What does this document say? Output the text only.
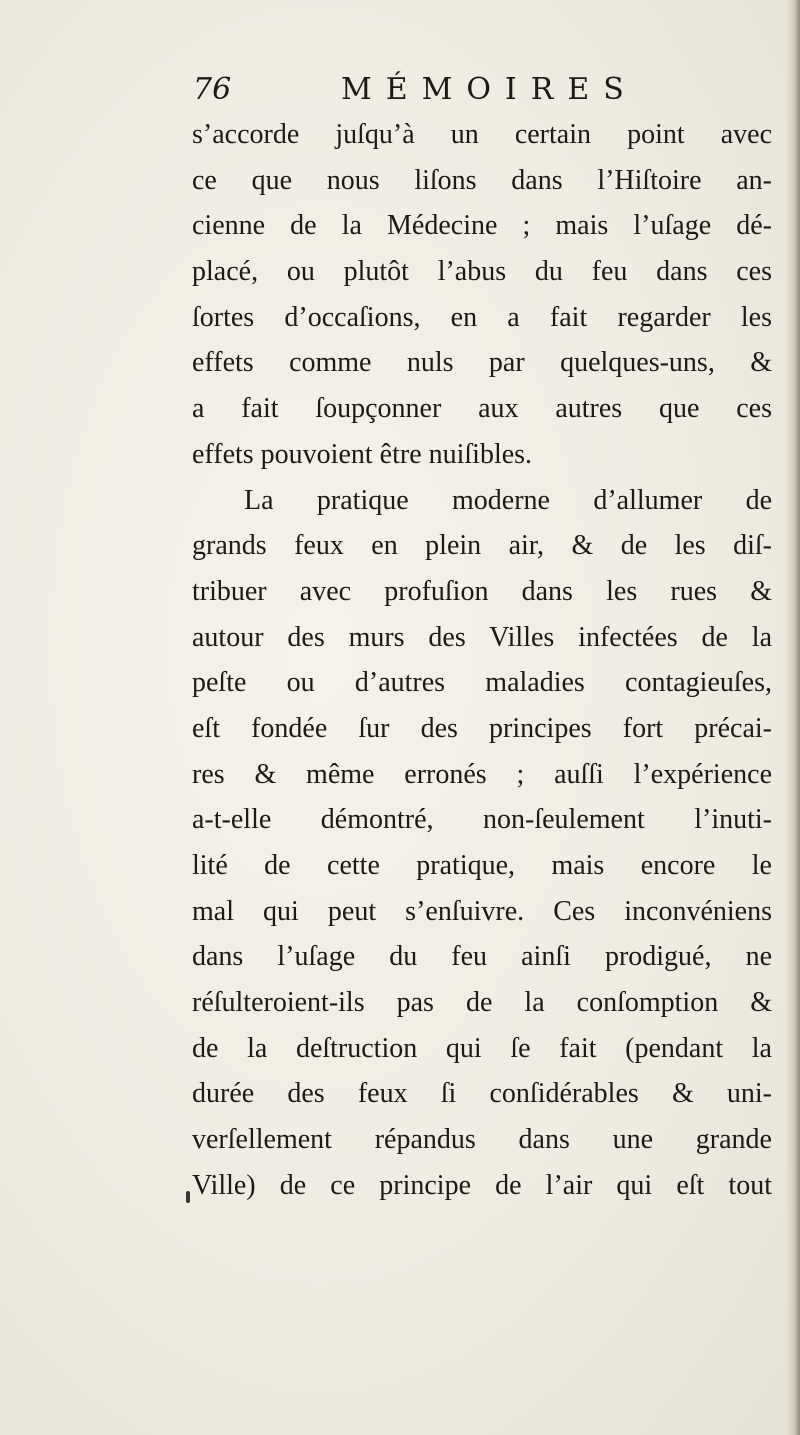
76	MÉMOIRES
s’accorde juſqu’à un certain point avec
ce que nous liſons dans l’Hiſtoire an-
cienne de la Médecine ; mais l’uſage dé-
placé, ou plutôt l’abus du feu dans ces
ſortes d’occaſions, en a fait regarder les
effets comme nuls par quelques-uns, &
a fait ſoupçonner aux autres que ces
effets pouvoient être nuiſibles.
La pratique moderne d’allumer de
grands feux en plein air, & de les diſ-
tribuer avec profuſion dans les rues &
autour des murs des Villes infectées de la
peſte ou d’autres maladies contagieuſes,
eſt fondée ſur des principes fort précai-
res & même erronés ; auſſi l’expérience
a-t-elle démontré, non-ſeulement l’inuti-
lité de cette pratique, mais encore le
mal qui peut s’enſuivre. Ces inconvéniens
dans l’uſage du feu ainſi prodigué, ne
réſulteroient-ils pas de la conſomption &
de la deſtruction qui ſe fait (pendant la
durée des feux ſi conſidérables & uni-
verſellement répandus dans une grande
Ville) de ce principe de l’air qui eſt tout
